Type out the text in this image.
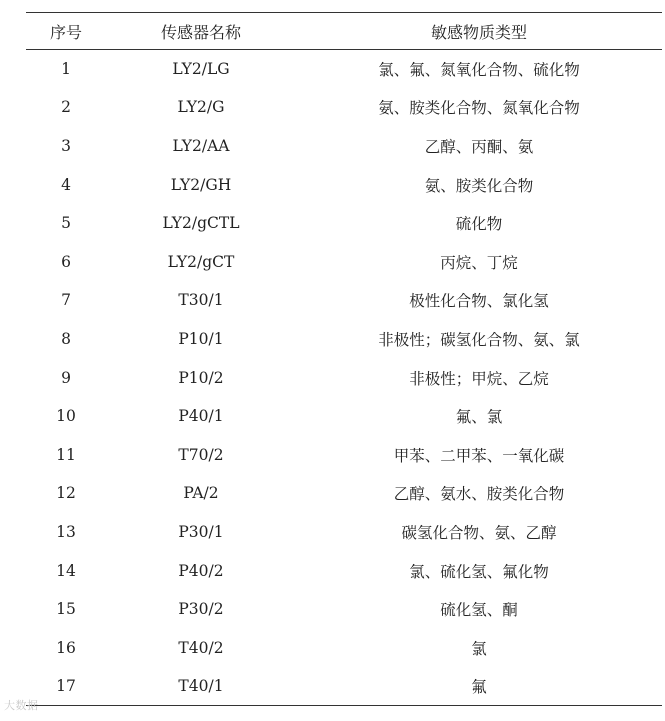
序号	传感器名称	敏感物质类型
1	LY2/LG	氯、氟、氮氧化合物、硫化物
2	LY2/G	氨、胺类化合物、氮氧化合物
3	LY2/AA	乙醇、丙酮、氨
4	LY2/GH	氨、胺类化合物
5	LY2/gCTL	硫化物
6	LY2/gCT	丙烷、丁烷
7	T30/1	极性化合物、氯化氢
8	P10/1	非极性；碳氢化合物、氨、氯
9	P10/2	非极性；甲烷、乙烷
10	P40/1	氟、氯
11	T70/2	甲苯、二甲苯、一氧化碳
12	PA/2	乙醇、氨水、胺类化合物
13	P30/1	碳氢化合物、氨、乙醇
14	P40/2	氯、硫化氢、氟化物
15	P30/2	硫化氢、酮
16	T40/2	氯
17	T40/1	氟
大数据
